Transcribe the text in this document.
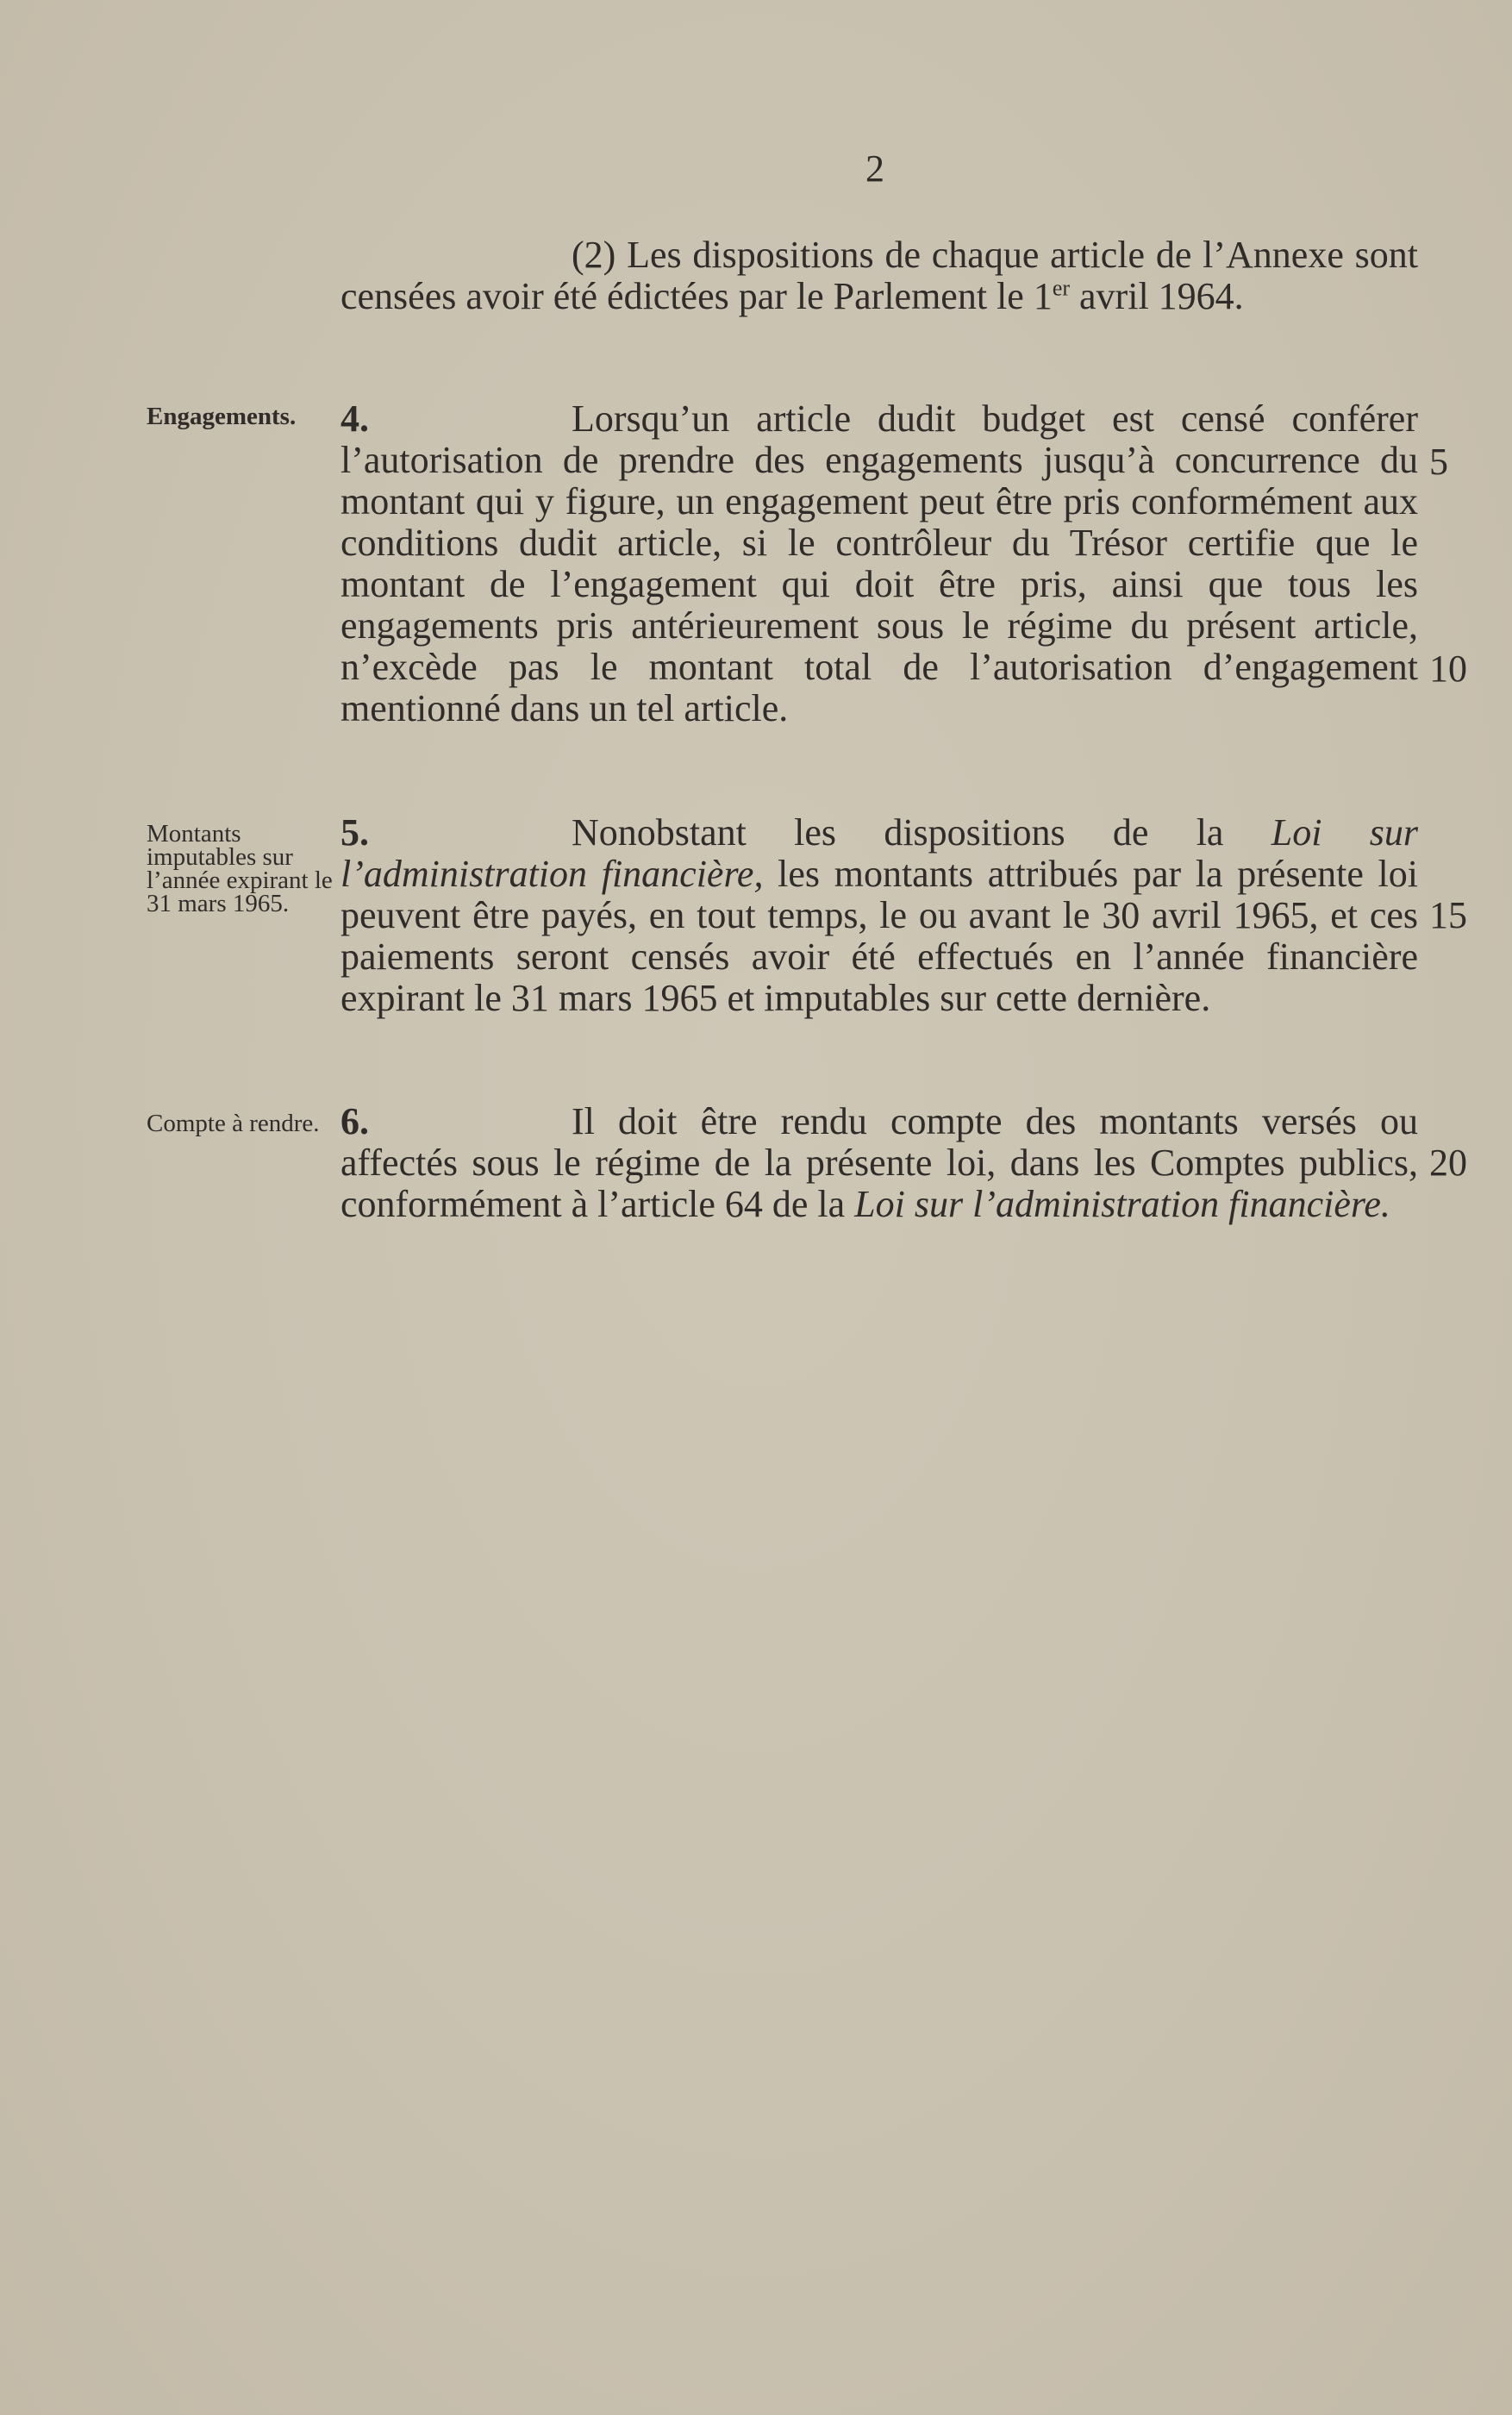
2
(2) Les dispositions de chaque article de l’Annexe sont censées avoir été édictées par le Parlement le 1er avril 1964.
Engagements.	4.	Lorsqu’un article dudit budget est censé conférer l’autorisation de prendre des engagements jusqu’à concurrence du montant qui y figure, un engagement peut être pris conformément aux conditions dudit article, si le contrôleur du Trésor certifie que le montant de l’engagement qui doit être pris, ainsi que tous les engagements pris antérieurement sous le régime du présent article, n’excède pas le montant total de l’autorisation d’engagement mentionné dans un tel article.
Montants imputables sur l’année expirant le 31 mars 1965.
5.	Nonobstant les dispositions de la Loi sur l’administration financière, les montants attribués par la présente loi peuvent être payés, en tout temps, le ou avant le 30 avril 1965, et ces paiements seront censés avoir été effectués en l’année financière expirant le 31 mars 1965 et imputables sur cette dernière.
Compte à rendre. 6.	Il doit être rendu compte des montants versés ou affectés sous le régime de la présente loi, dans les Comptes publics, conformément à l’article 64 de la Loi sur l’administration financière.
5
10
15
20
